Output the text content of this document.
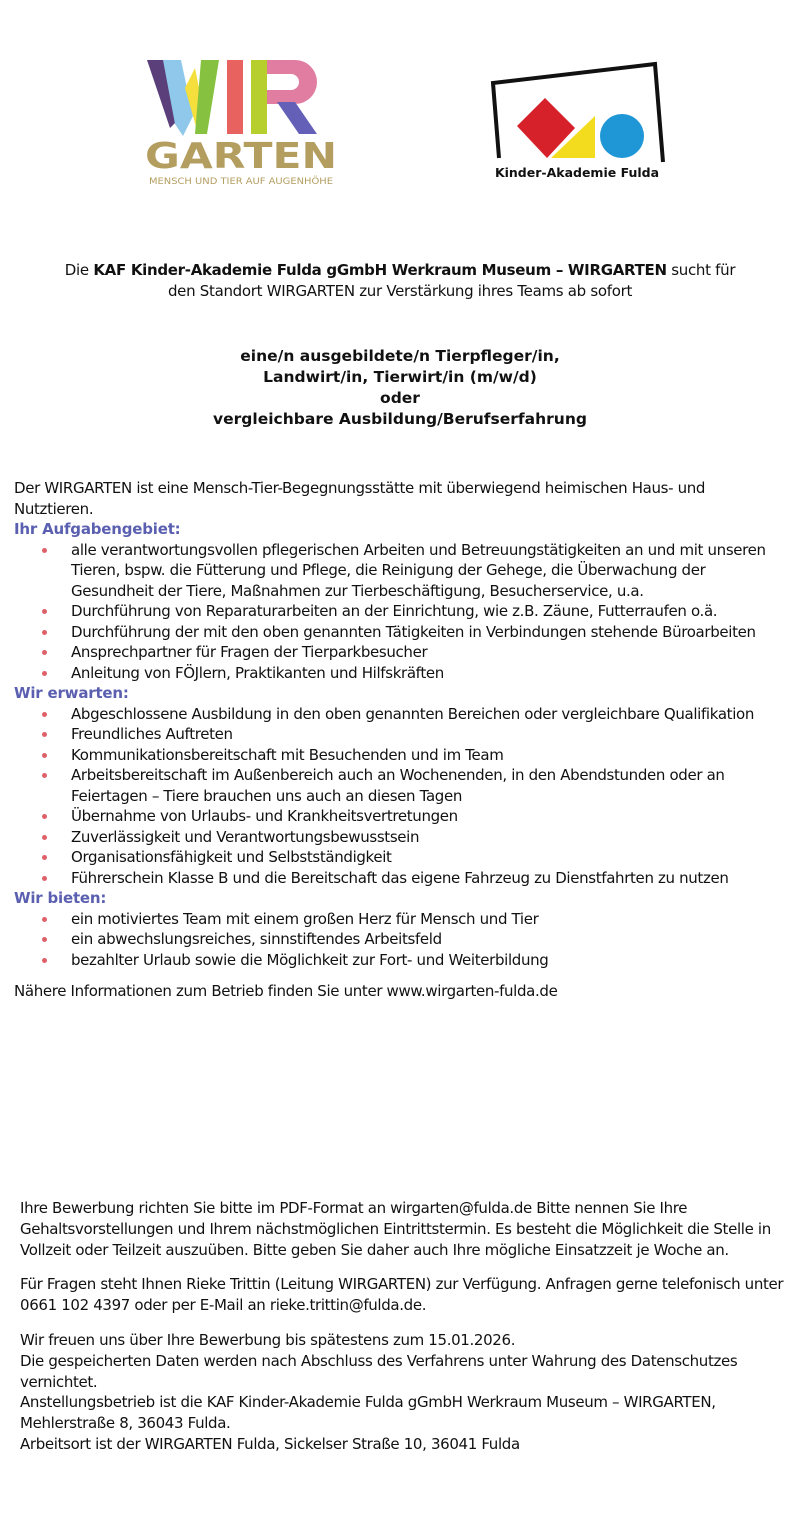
GARTEN
MENSCH UND TIER AUF AUGENHÖHE
Kinder-Akademie Fulda
Die KAF Kinder-Akademie Fulda gGmbH Werkraum Museum – WIRGARTEN sucht für
den Standort WIRGARTEN zur Verstärkung ihres Teams ab sofort
eine/n ausgebildete/n Tierpfleger/in,
Landwirt/in, Tierwirt/in (m/w/d)
oder
vergleichbare Ausbildung/Berufserfahrung

Der WIRGARTEN ist eine Mensch-Tier-Begegnungsstätte mit überwiegend heimischen Haus- und Nutztieren.

Ihr Aufgabengebiet:

alle verantwortungsvollen pflegerischen Arbeiten und Betreuungstätigkeiten an und mit unseren Tieren, bspw. die Fütterung und Pflege, die Reinigung der Gehege, die Überwachung der Gesundheit der Tiere, Maßnahmen zur Tierbeschäftigung, Besucherservice, u.a.
Durchführung von Reparaturarbeiten an der Einrichtung, wie z.B. Zäune, Futterraufen o.ä.
Durchführung der mit den oben genannten Tätigkeiten in Verbindungen stehende Büroarbeiten
Ansprechpartner für Fragen der Tierparkbesucher
Anleitung von FÖJlern, Praktikanten und Hilfskräften

Wir erwarten:

Abgeschlossene Ausbildung in den oben genannten Bereichen oder vergleichbare Qualifikation
Freundliches Auftreten
Kommunikationsbereitschaft mit Besuchenden und im Team
Arbeitsbereitschaft im Außenbereich auch an Wochenenden, in den Abendstunden oder an Feiertagen – Tiere brauchen uns auch an diesen Tagen
Übernahme von Urlaubs- und Krankheitsvertretungen
Zuverlässigkeit und Verantwortungsbewusstsein
Organisationsfähigkeit und Selbstständigkeit
Führerschein Klasse B und die Bereitschaft das eigene Fahrzeug zu Dienstfahrten zu nutzen

Wir bieten:

ein motiviertes Team mit einem großen Herz für Mensch und Tier
ein abwechslungsreiches, sinnstiftendes Arbeitsfeld
bezahlter Urlaub sowie die Möglichkeit zur Fort- und Weiterbildung

Nähere Informationen zum Betrieb finden Sie unter www.wirgarten-fulda.de

Ihre Bewerbung richten Sie bitte im PDF-Format an wirgarten@fulda.de Bitte nennen Sie Ihre Gehaltsvorstellungen und Ihrem nächstmöglichen Eintrittstermin. Es besteht die Möglichkeit die Stelle in Vollzeit oder Teilzeit auszuüben. Bitte geben Sie daher auch Ihre mögliche Einsatzzeit je Woche an.

Für Fragen steht Ihnen Rieke Trittin (Leitung WIRGARTEN) zur Verfügung. Anfragen gerne telefonisch unter 0661 102 4397 oder per E-Mail an rieke.trittin@fulda.de.

Wir freuen uns über Ihre Bewerbung bis spätestens zum 15.01.2026.

Die gespeicherten Daten werden nach Abschluss des Verfahrens unter Wahrung des Datenschutzes vernichtet.

Anstellungsbetrieb ist die KAF Kinder-Akademie Fulda gGmbH Werkraum Museum – WIRGARTEN, Mehlerstraße 8, 36043 Fulda.

Arbeitsort ist der WIRGARTEN Fulda, Sickelser Straße 10, 36041 Fulda
